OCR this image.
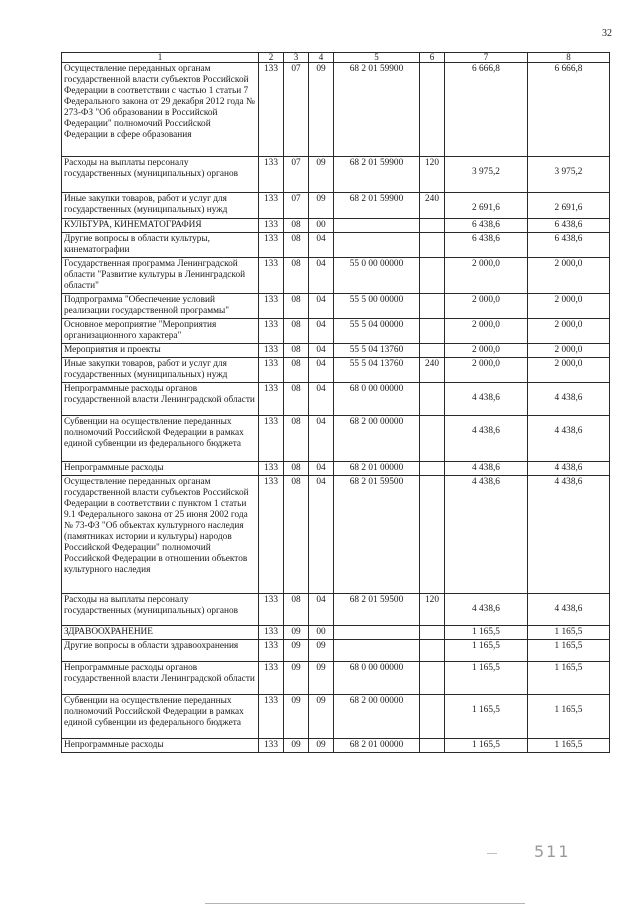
32
1	2	3	4	5	6	7	8
Осуществление переданных органам государственной власти субъектов Российской Федерации в соответствии с частью 1 статьи 7 Федерального закона от 29 декабря 2012 года № 273-ФЗ "Об образовании в Российской Федерации" полномочий Российской Федерации в сфере образования	133	07	09	68 2 01 59900		6 666,8	6 666,8
Расходы на выплаты персоналу государственных (муниципальных) органов	133	07	09	68 2 01 59900	120	3 975,2	3 975,2
Иные закупки товаров, работ и услуг для государственных (муниципальных) нужд	133	07	09	68 2 01 59900	240	2 691,6	2 691,6
КУЛЬТУРА, КИНЕМАТОГРАФИЯ	133	08	00			6 438,6	6 438,6
Другие вопросы в области культуры, кинематографии	133	08	04			6 438,6	6 438,6
Государственная программа Ленинградской области "Развитие культуры в Ленинградской области"	133	08	04	55 0 00 00000		2 000,0	2 000,0
Подпрограмма "Обеспечение условий реализации государственной программы"	133	08	04	55 5 00 00000		2 000,0	2 000,0
Основное мероприятие "Мероприятия организационного характера"	133	08	04	55 5 04 00000		2 000,0	2 000,0
Мероприятия и проекты	133	08	04	55 5 04 13760		2 000,0	2 000,0
Иные закупки товаров, работ и услуг для государственных (муниципальных) нужд	133	08	04	55 5 04 13760	240	2 000,0	2 000,0
Непрограммные расходы органов государственной власти Ленинградской области	133	08	04	68 0 00 00000		4 438,6	4 438,6
Субвенции на осуществление переданных полномочий Российской Федерации в рамках единой субвенции из федерального бюджета	133	08	04	68 2 00 00000		4 438,6	4 438,6
Непрограммные расходы	133	08	04	68 2 01 00000		4 438,6	4 438,6
Осуществление переданных органам государственной власти субъектов Российской Федерации в соответствии с пунктом 1 статьи 9.1 Федерального закона от 25 июня 2002 года № 73-ФЗ "Об объектах культурного наследия (памятниках истории и культуры) народов Российской Федерации" полномочий Российской Федерации в отношении объектов культурного наследия	133	08	04	68 2 01 59500		4 438,6	4 438,6
Расходы на выплаты персоналу государственных (муниципальных) органов	133	08	04	68 2 01 59500	120	4 438,6	4 438,6
ЗДРАВООХРАНЕНИЕ	133	09	00			1 165,5	1 165,5
Другие вопросы в области здравоохранения	133	09	09			1 165,5	1 165,5
Непрограммные расходы органов государственной власти Ленинградской области	133	09	09	68 0 00 00000		1 165,5	1 165,5
Субвенции на осуществление переданных полномочий Российской Федерации в рамках единой субвенции из федерального бюджета	133	09	09	68 2 00 00000		1 165,5	1 165,5
Непрограммные расходы	133	09	09	68 2 01 00000		1 165,5	1 165,5
— 511
